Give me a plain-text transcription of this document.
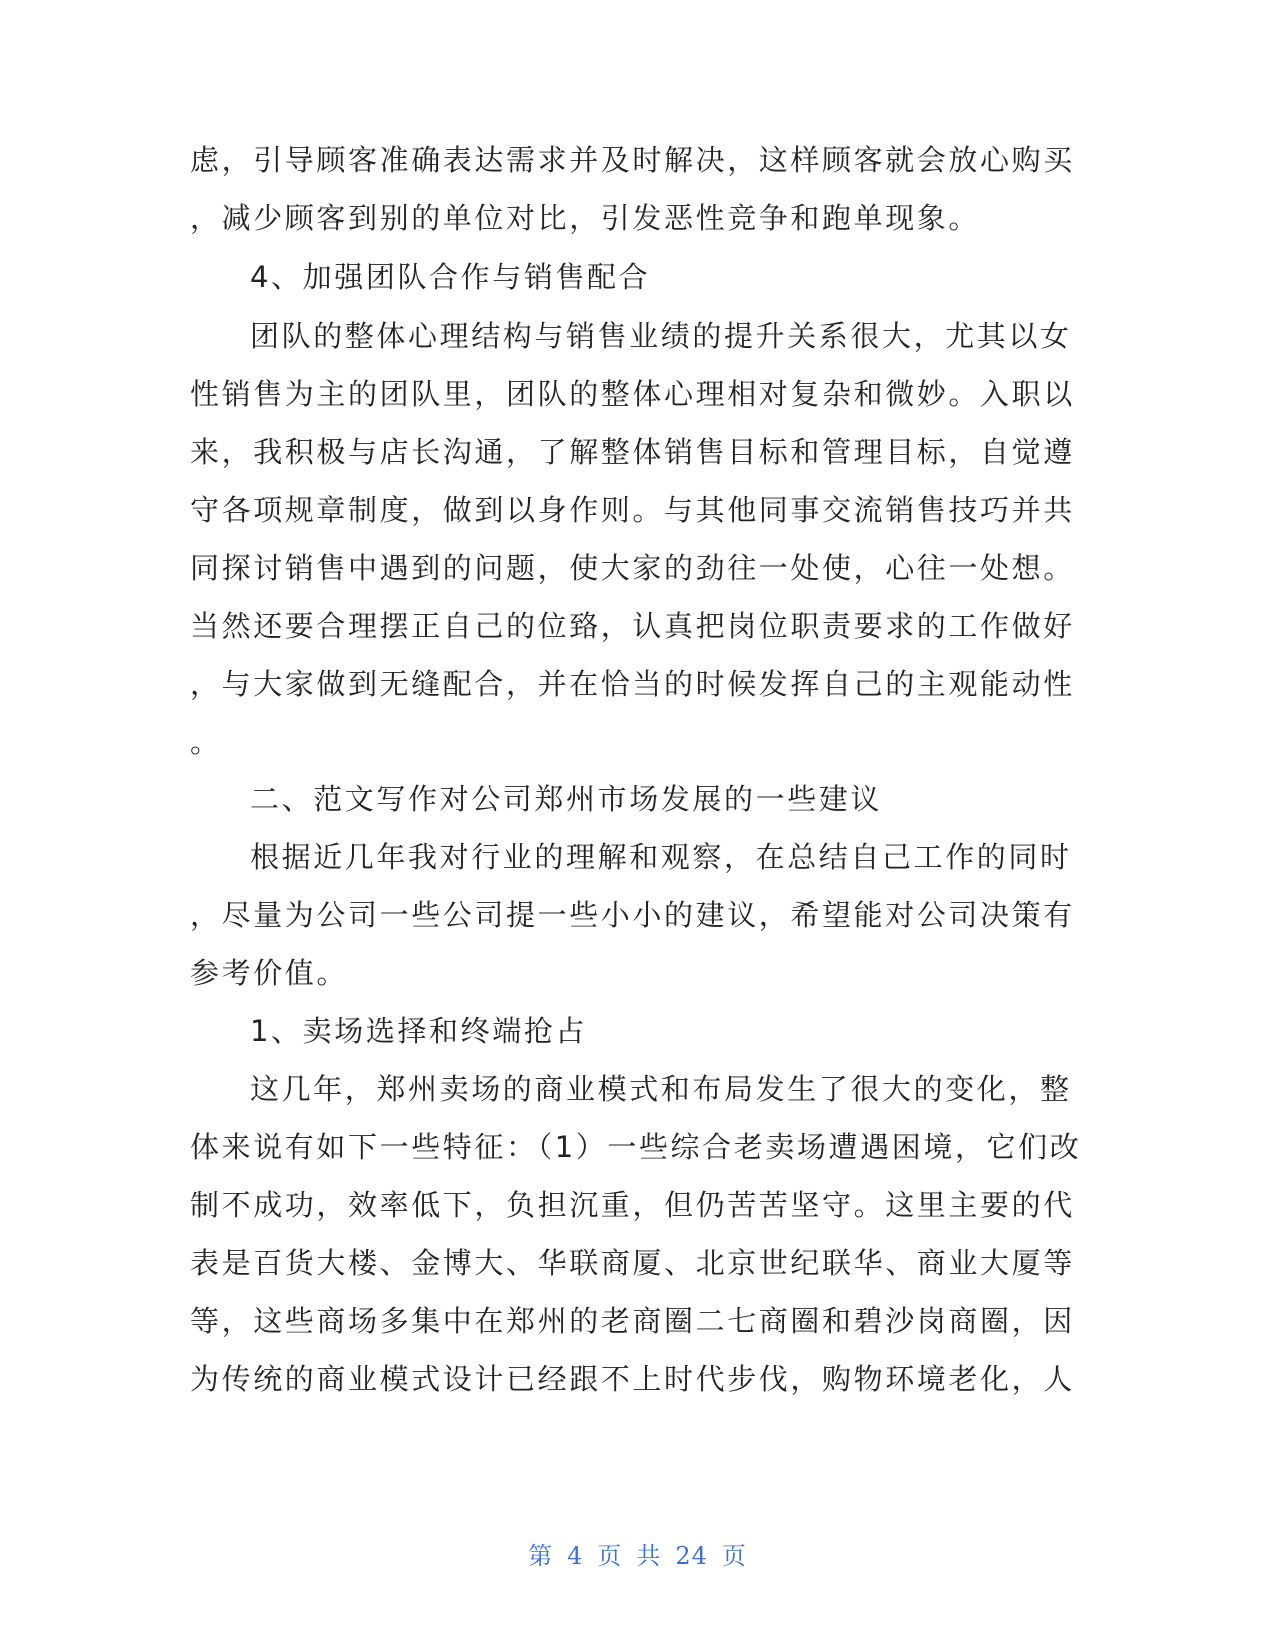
虑，引导顾客准确表达需求并及时解决，这样顾客就会放心购买
，减少顾客到别的单位对比，引发恶性竞争和跑单现象。
4、加强团队合作与销售配合
团队的整体心理结构与销售业绩的提升关系很大，尤其以女
性销售为主的团队里，团队的整体心理相对复杂和微妙。入职以
来，我积极与店长沟通，了解整体销售目标和管理目标，自觉遵
守各项规章制度，做到以身作则。与其他同事交流销售技巧并共
同探讨销售中遇到的问题，使大家的劲往一处使，心往一处想。
当然还要合理摆正自己的位臵，认真把岗位职责要求的工作做好
，与大家做到无缝配合，并在恰当的时候发挥自己的主观能动性
。
二、范文写作对公司郑州市场发展的一些建议
根据近几年我对行业的理解和观察，在总结自己工作的同时
，尽量为公司一些公司提一些小小的建议，希望能对公司决策有
参考价值。
1、卖场选择和终端抢占
这几年，郑州卖场的商业模式和布局发生了很大的变化，整
体来说有如下一些特征：（1）一些综合老卖场遭遇困境，它们改
制不成功，效率低下，负担沉重，但仍苦苦坚守。这里主要的代
表是百货大楼、金博大、华联商厦、北京世纪联华、商业大厦等
等，这些商场多集中在郑州的老商圈二七商圈和碧沙岗商圈，因
为传统的商业模式设计已经跟不上时代步伐，购物环境老化，人
第 4 页 共 24 页
